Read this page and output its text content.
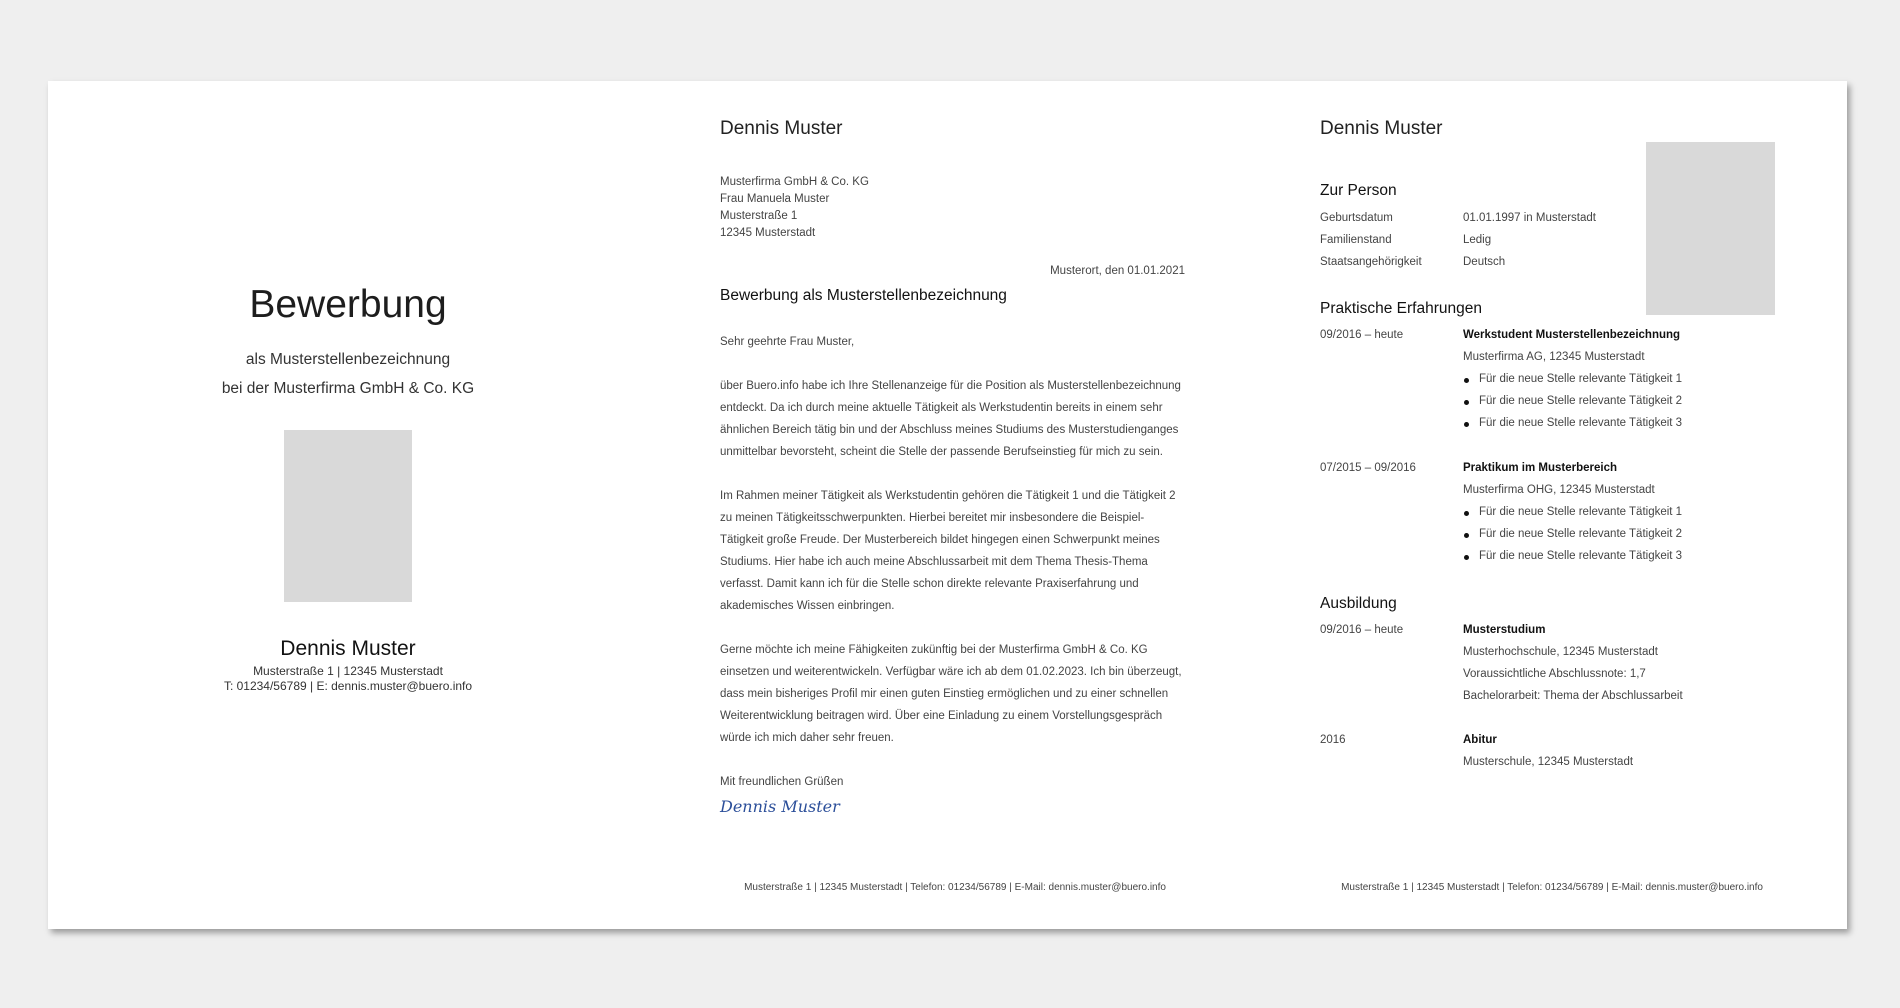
Bewerbung
als Musterstellenbezeichnung
bei der Musterfirma GmbH & Co. KG
Dennis Muster
Musterstraße 1 | 12345 Musterstadt
T: 01234/56789 | E: dennis.muster@buero.info
Dennis Muster
Musterfirma GmbH & Co. KG
Frau Manuela Muster
Musterstraße 1
12345 Musterstadt
Musterort, den 01.01.2021
Bewerbung als Musterstellenbezeichnung

Sehr geehrte Frau Muster,

über Buero.info habe ich Ihre Stellenanzeige für die Position als Musterstellenbezeichnung entdeckt. Da ich durch meine aktuelle Tätigkeit als Werkstudentin bereits in einem sehr ähnlichen Bereich tätig bin und der Abschluss meines Studiums des Musterstudienganges unmittelbar bevorsteht, scheint die Stelle der passende Berufseinstieg für mich zu sein.

Im Rahmen meiner Tätigkeit als Werkstudentin gehören die Tätigkeit 1 und die Tätigkeit 2 zu meinen Tätigkeitsschwerpunkten. Hierbei bereitet mir insbesondere die Beispiel-Tätigkeit große Freude. Der Musterbereich bildet hingegen einen Schwerpunkt meines Studiums. Hier habe ich auch meine Abschlussarbeit mit dem Thema Thesis-Thema verfasst. Damit kann ich für die Stelle schon direkte relevante Praxiserfahrung und akademisches Wissen einbringen.

Gerne möchte ich meine Fähigkeiten zukünftig bei der Musterfirma GmbH & Co. KG einsetzen und weiterentwickeln. Verfügbar wäre ich ab dem 01.02.2023. Ich bin überzeugt, dass mein bisheriges Profil mir einen guten Einstieg ermöglichen und zu einer schnellen Weiterentwicklung beitragen wird. Über eine Einladung zu einem Vorstellungsgespräch würde ich mich daher sehr freuen.

Mit freundlichen Grüßen

Dennis Muster
Musterstraße 1 | 12345 Musterstadt | Telefon: 01234/56789 | E-Mail: dennis.muster@buero.info
Dennis Muster
Zur Person
Geburtsdatum	01.01.1997 in Musterstadt
Familienstand	Ledig
Staatsangehörigkeit	Deutsch
Praktische Erfahrungen
09/2016 – heute	Werkstudent Musterstellenbezeichnung
Musterfirma AG, 12345 Musterstadt
Für die neue Stelle relevante Tätigkeit 1
Für die neue Stelle relevante Tätigkeit 2
Für die neue Stelle relevante Tätigkeit 3
07/2015 – 09/2016	Praktikum im Musterbereich
Musterfirma OHG, 12345 Musterstadt
Für die neue Stelle relevante Tätigkeit 1
Für die neue Stelle relevante Tätigkeit 2
Für die neue Stelle relevante Tätigkeit 3
Ausbildung
09/2016 – heute	Musterstudium
Musterhochschule, 12345 Musterstadt
Voraussichtliche Abschlussnote: 1,7
Bachelorarbeit: Thema der Abschlussarbeit
2016	Abitur
Musterschule, 12345 Musterstadt
Musterstraße 1 | 12345 Musterstadt | Telefon: 01234/56789 | E-Mail: dennis.muster@buero.info
